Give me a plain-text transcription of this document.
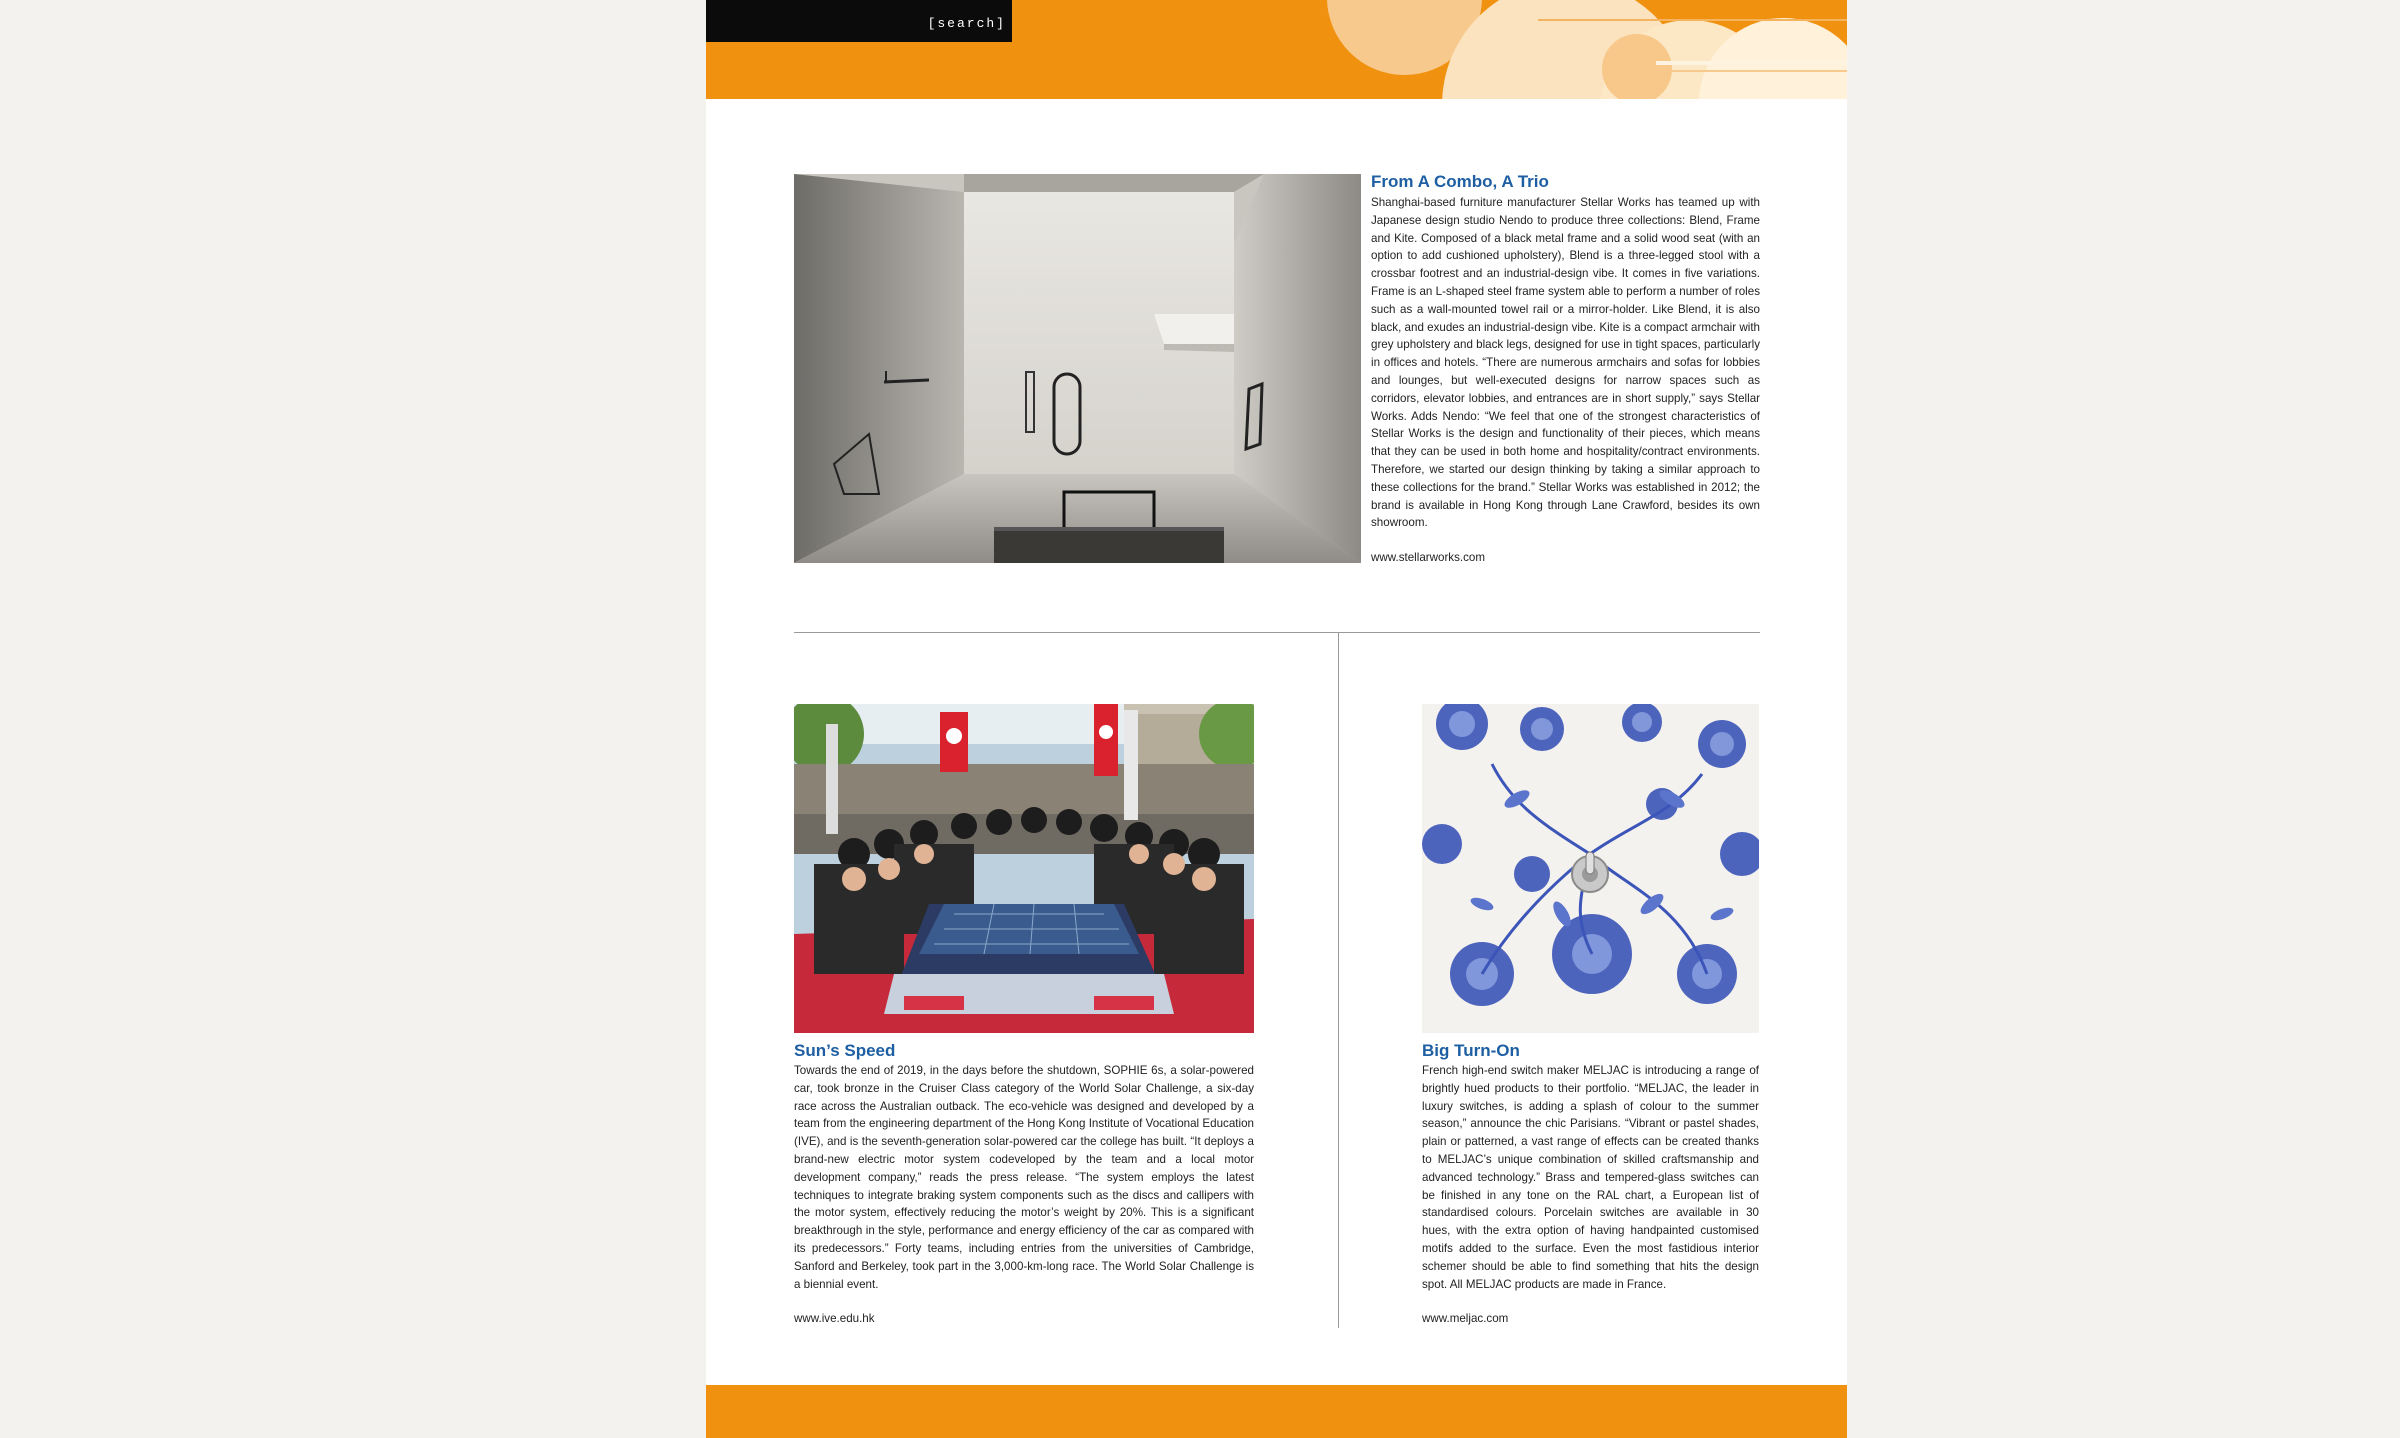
[search]
From A Combo, A Trio

Shanghai-based furniture manufacturer Stellar Works has teamed up with Japanese design studio Nendo to produce three collections: Blend, Frame and Kite. Composed of a black metal frame and a solid wood seat (with an option to add cushioned upholstery), Blend is a three-legged stool with a crossbar footrest and an industrial-design vibe. It comes in five variations. Frame is an L-shaped steel frame system able to perform a number of roles such as a wall-mounted towel rail or a mirror-holder. Like Blend, it is also black, and exudes an industrial-design vibe. Kite is a compact armchair with grey upholstery and black legs, designed for use in tight spaces, particularly in offices and hotels. “There are numerous armchairs and sofas for lobbies and lounges, but well-executed designs for narrow spaces such as corridors, elevator lobbies, and entrances are in short supply,” says Stellar Works. Adds Nendo: “We feel that one of the strongest characteristics of Stellar Works is the design and functionality of their pieces, which means that they can be used in both home and hospitality/contract environments. Therefore, we started our design thinking by taking a similar approach to these collections for the brand.” Stellar Works was established in 2012; the brand is available in Hong Kong through Lane Crawford, besides its own showroom.

www.stellarworks.com

Sun’s Speed

Towards the end of 2019, in the days before the shutdown, SOPHIE 6s, a solar-powered car, took bronze in the Cruiser Class category of the World Solar Challenge, a six-day race across the Australian outback. The eco-vehicle was designed and developed by a team from the engineering department of the Hong Kong Institute of Vocational Education (IVE), and is the seventh-generation solar-powered car the college has built. “It deploys a brand-new electric motor system codeveloped by the team and a local motor development company,” reads the press release. “The system employs the latest techniques to integrate braking system components such as the discs and callipers with the motor system, effectively reducing the motor’s weight by 20%. This is a significant breakthrough in the style, performance and energy efficiency of the car as compared with its predecessors.” Forty teams, including entries from the universities of Cambridge, Sanford and Berkeley, took part in the 3,000-km-long race. The World Solar Challenge is a biennial event.

www.ive.edu.hk

Big Turn-On

French high-end switch maker MELJAC is introducing a range of brightly hued products to their portfolio. “MELJAC, the leader in luxury switches, is adding a splash of colour to the summer season,” announce the chic Parisians. “Vibrant or pastel shades, plain or patterned, a vast range of effects can be created thanks to MELJAC’s unique combination of skilled craftsmanship and advanced technology.” Brass and tempered-glass switches can be finished in any tone on the RAL chart, a European list of standardised colours. Porcelain switches are available in 30 hues, with the extra option of having handpainted customised motifs added to the surface. Even the most fastidious interior schemer should be able to find something that hits the design spot. All MELJAC products are made in France.

www.meljac.com
